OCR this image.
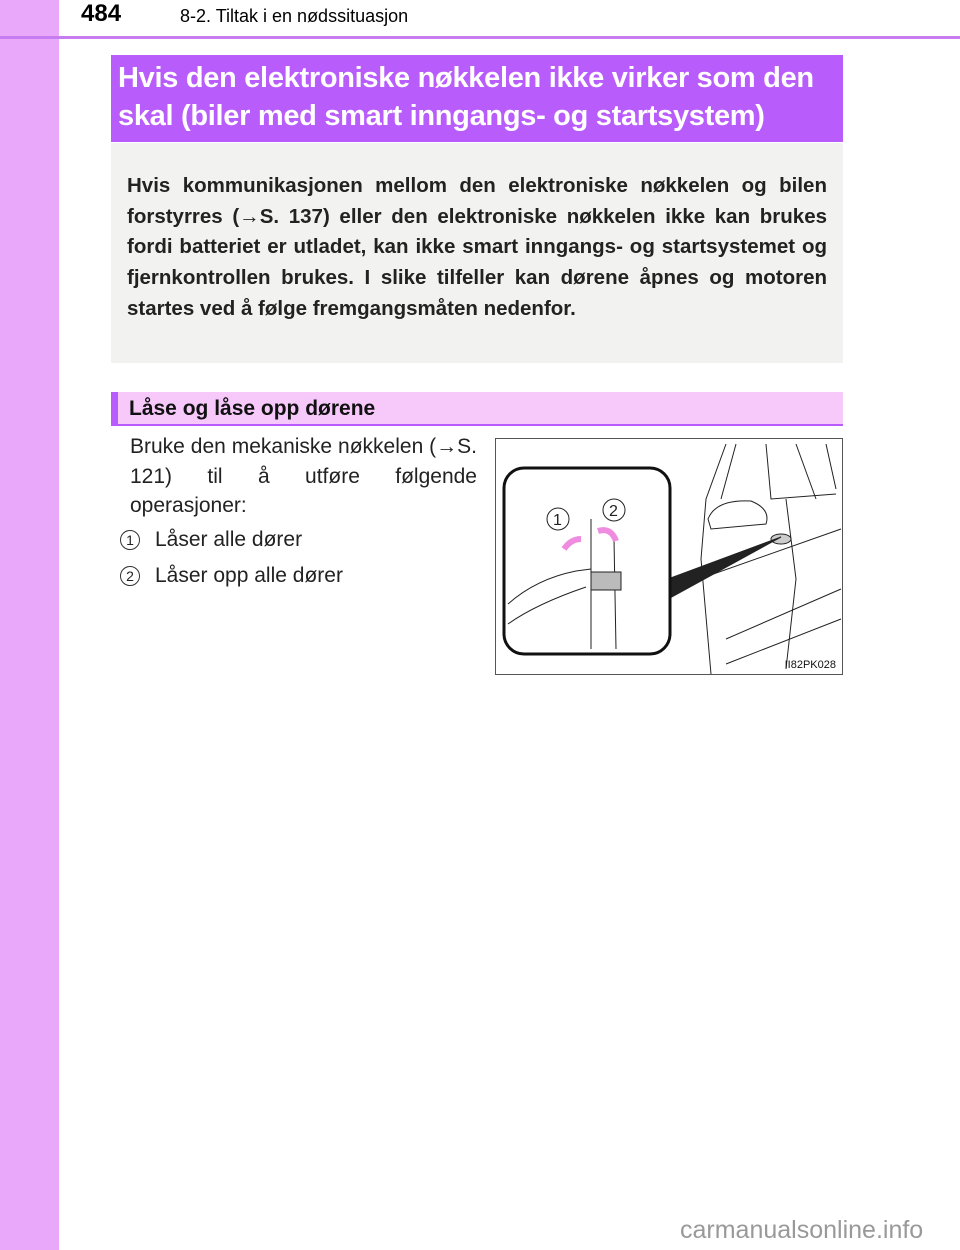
484	8-2. Tiltak i en nødssituasjon
Hvis den elektroniske nøkkelen ikke virker som den skal (biler med smart inngangs- og startsystem)
Hvis kommunikasjonen mellom den elektroniske nøkkelen og bilen forstyrres (→S. 137) eller den elektroniske nøkkelen ikke kan brukes fordi batteriet er utladet, kan ikke smart inngangs- og startsystemet og fjernkontrollen brukes. I slike tilfeller kan dørene åpnes og motoren startes ved å følge fremgangsmåten nedenfor.
Låse og låse opp dørene
Bruke den mekaniske nøkkelen (→S. 121) til å utføre følgende operasjoner:
1 Låser alle dører
2 Låser opp alle dører
1
2
II82PK028
carmanualsonline.info
